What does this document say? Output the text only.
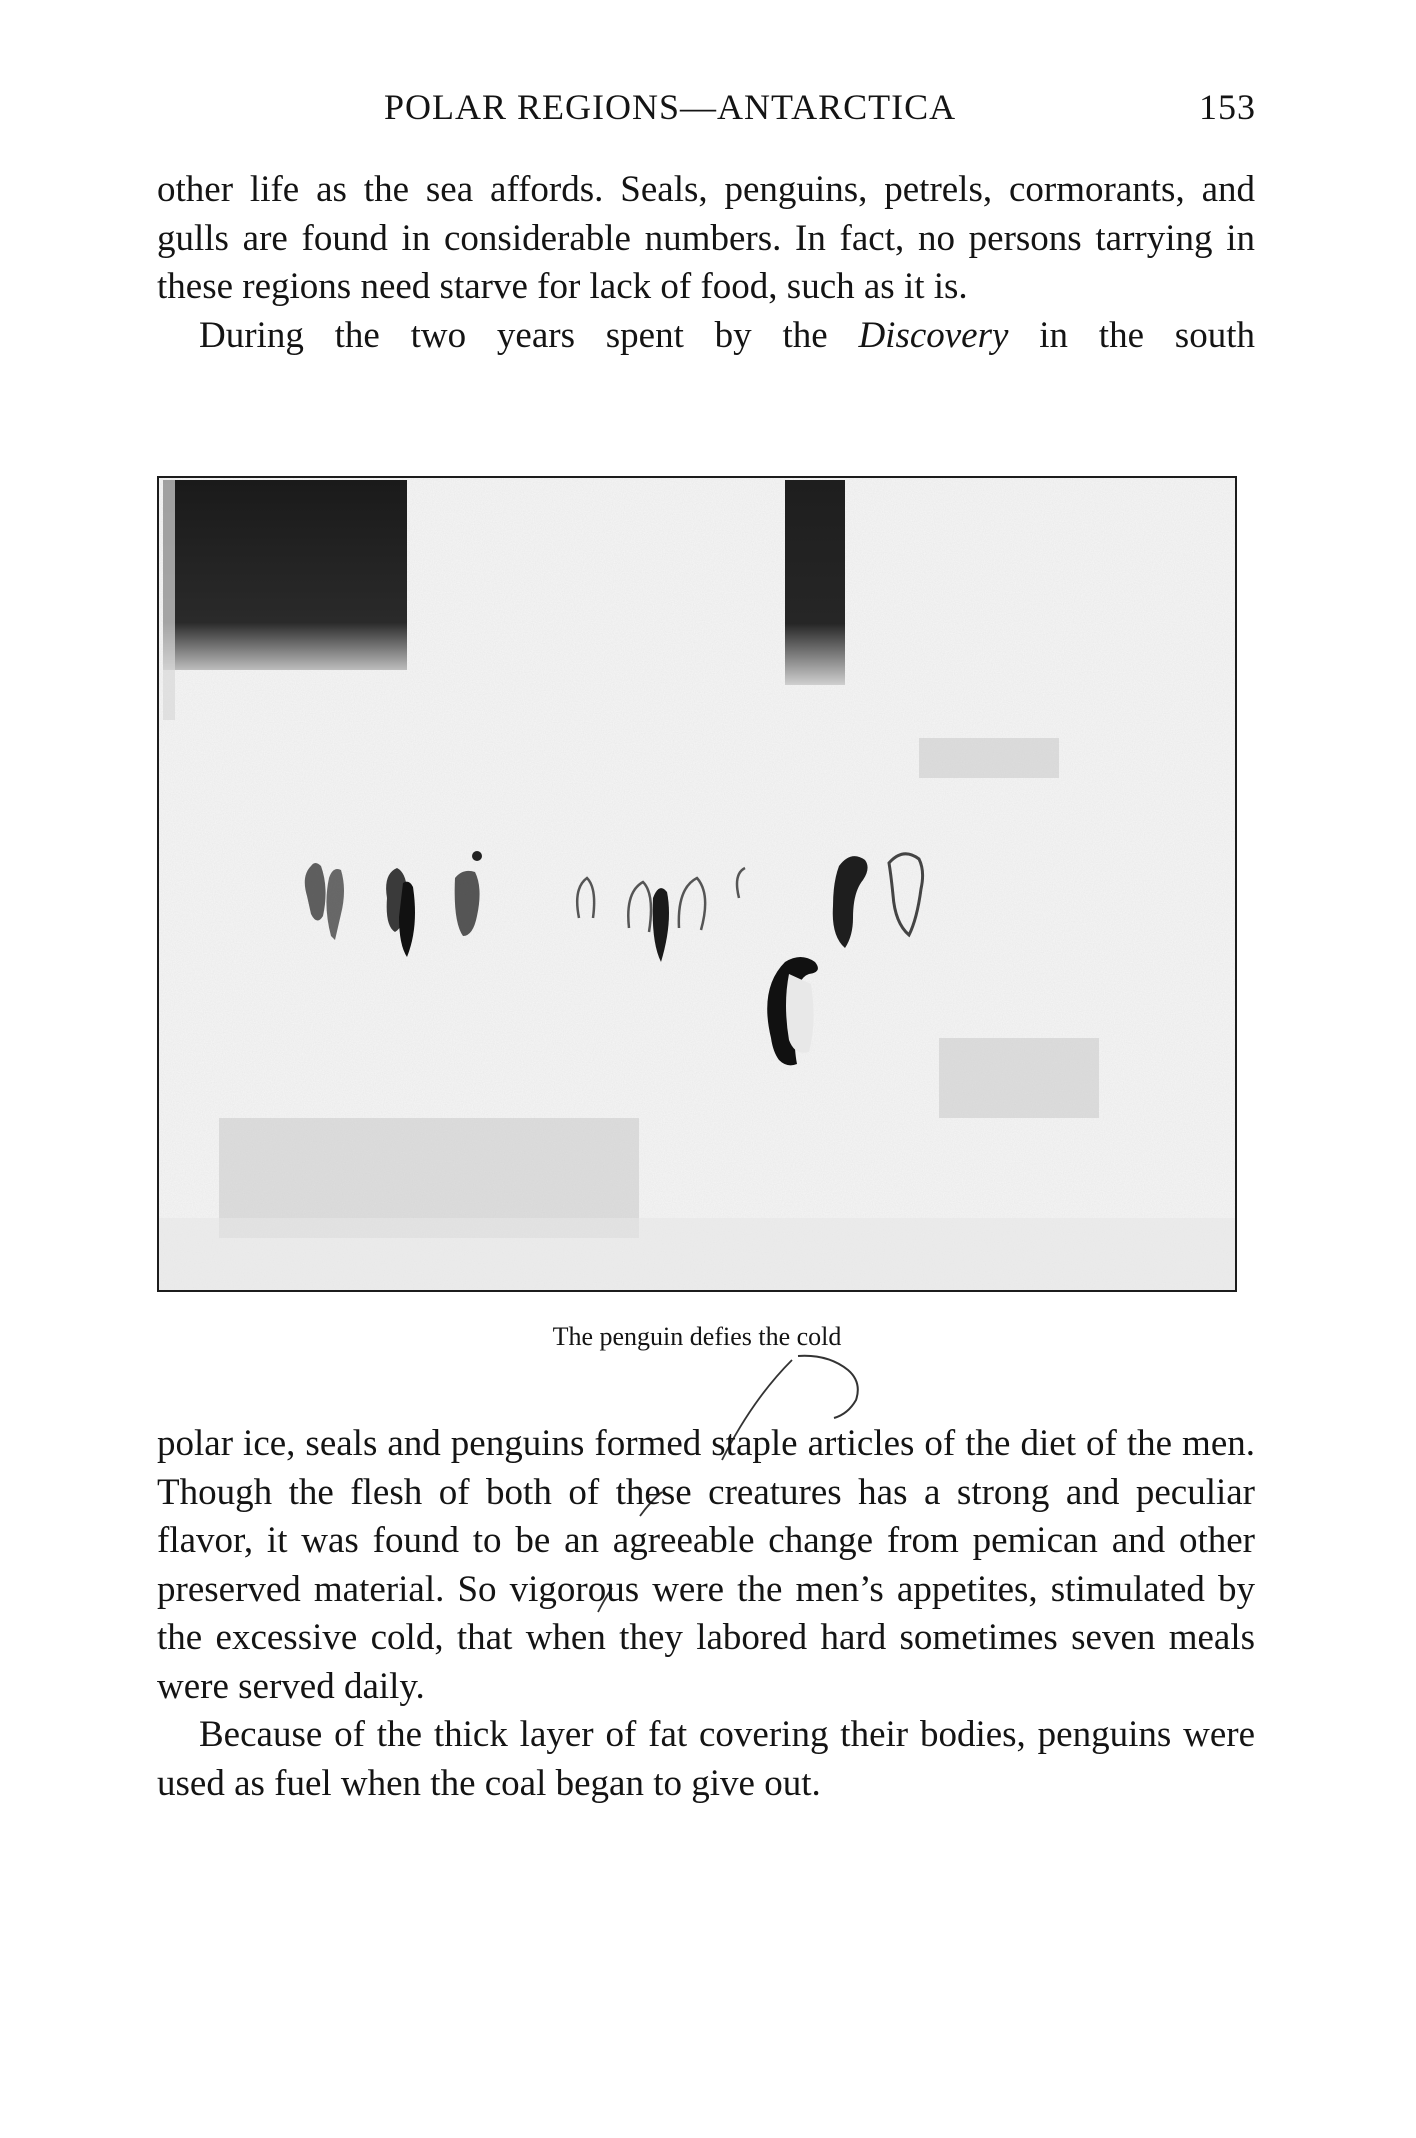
POLAR REGIONS—ANTARCTICA	153

other life as the sea affords. Seals, penguins, petrels, cormorants, and gulls are found in considerable numbers. In fact, no persons tarrying in these regions need starve for lack of food, such as it is.

During the two years spent by the Discovery in the south

The penguin defies the cold

polar ice, seals and penguins formed staple articles of the diet of the men. Though the flesh of both of these creatures has a strong and peculiar flavor, it was found to be an agreeable change from pemican and other preserved material. So vigorous were the men’s appetites, stimulated by the excessive cold, that when they labored hard sometimes seven meals were served daily.

Because of the thick layer of fat covering their bodies, penguins were used as fuel when the coal began to give out.
